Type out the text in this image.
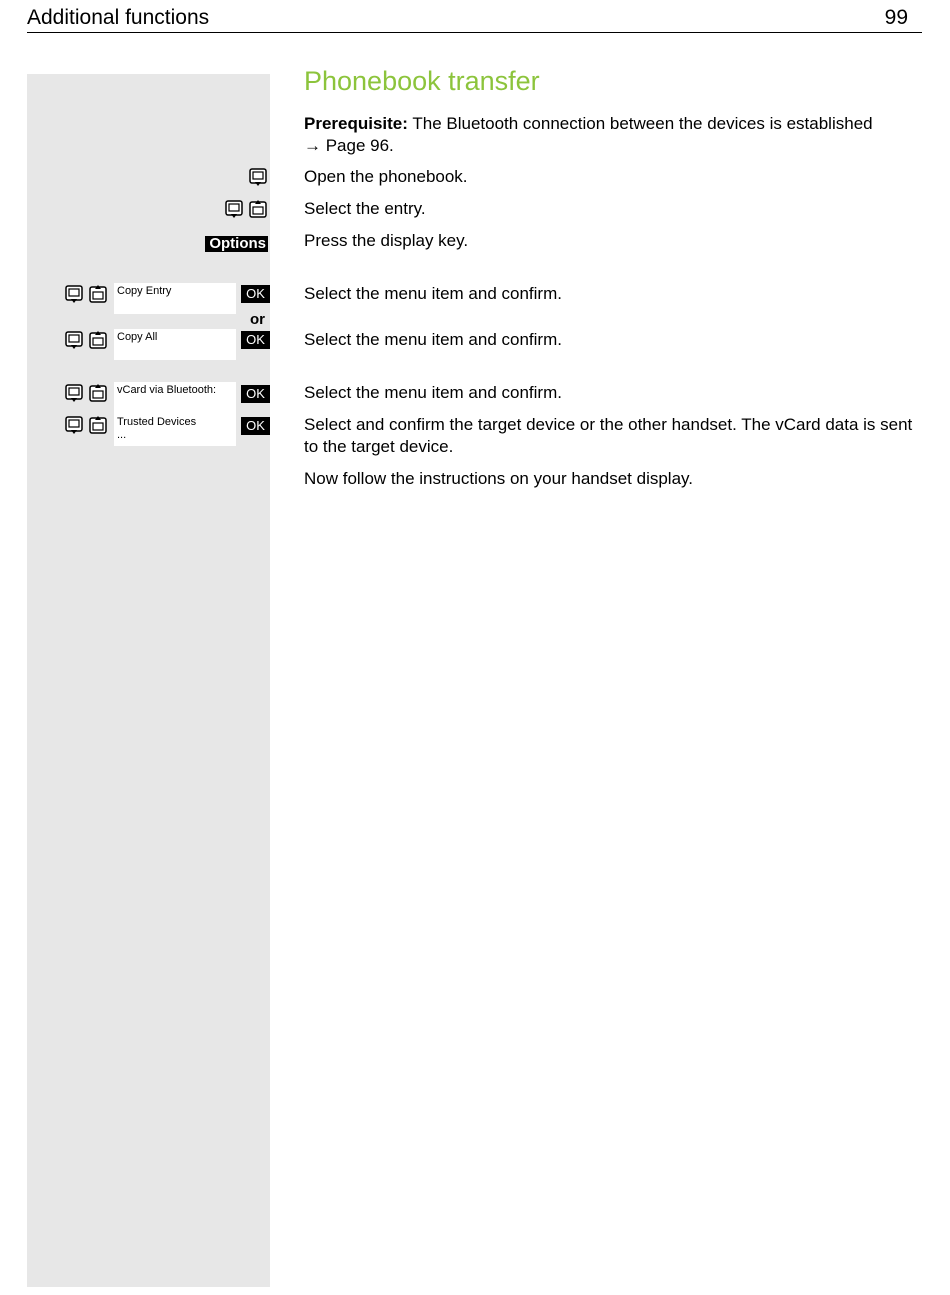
Additional functions	99
Phonebook transfer
Prerequisite: The Bluetooth connection between the devices is established
→ Page 96.
Open the phonebook.
Select the entry.
Options Press the display key.
Copy Entry	OK	Select the menu item and confirm.
or
Copy All	OK	Select the menu item and confirm.
vCard via Bluetooth:	OK	Select the menu item and confirm.
Trusted Devices
...
OK	Select and confirm the target device or the other handset. The vCard data is sent to the target device.
Now follow the instructions on your handset display.
